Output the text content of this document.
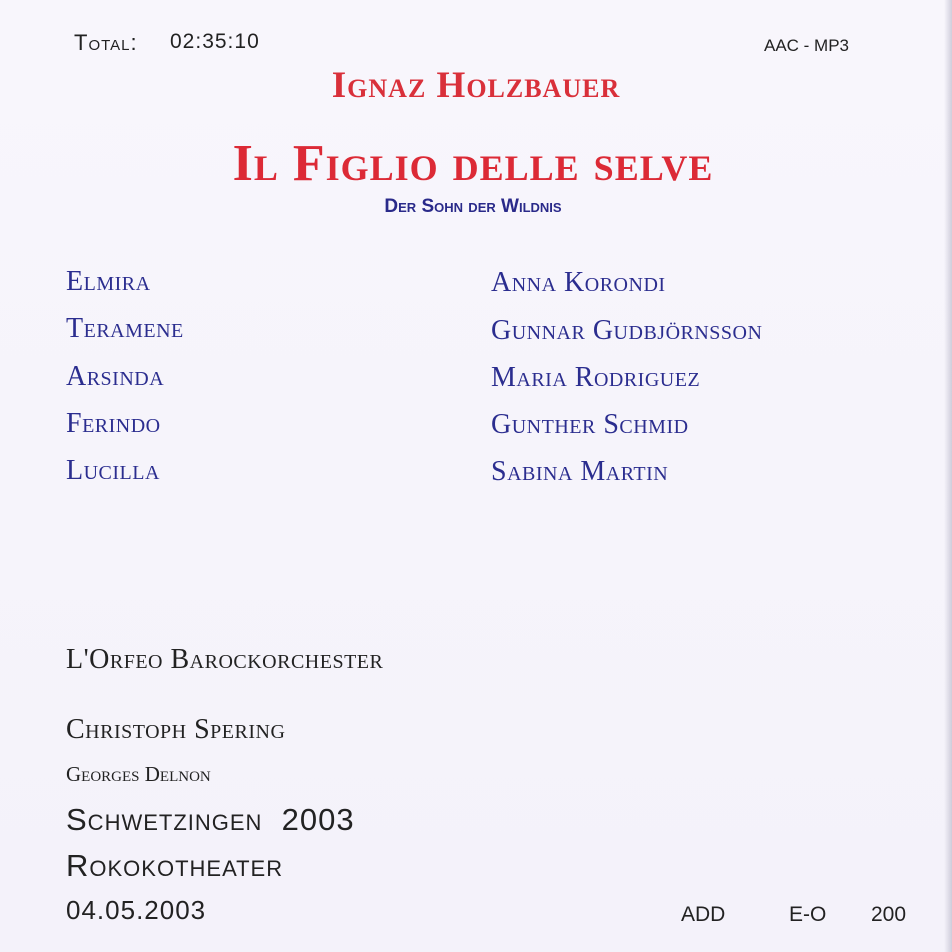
Total: 02:35:10	AAC - MP3
Ignaz Holzbauer
Il Figlio delle selve
Der Sohn der Wildnis
Elmira	Anna Korondi
Teramene	Gunnar Gudbjörnsson
Arsinda	Maria Rodriguez
Ferindo	Gunther Schmid
Lucilla	Sabina Martin
L'Orfeo Barockorchester
Christoph Spering
Georges Delnon
Schwetzingen  2003
Rokokotheater
04.05.2003	ADD	E-O 200
